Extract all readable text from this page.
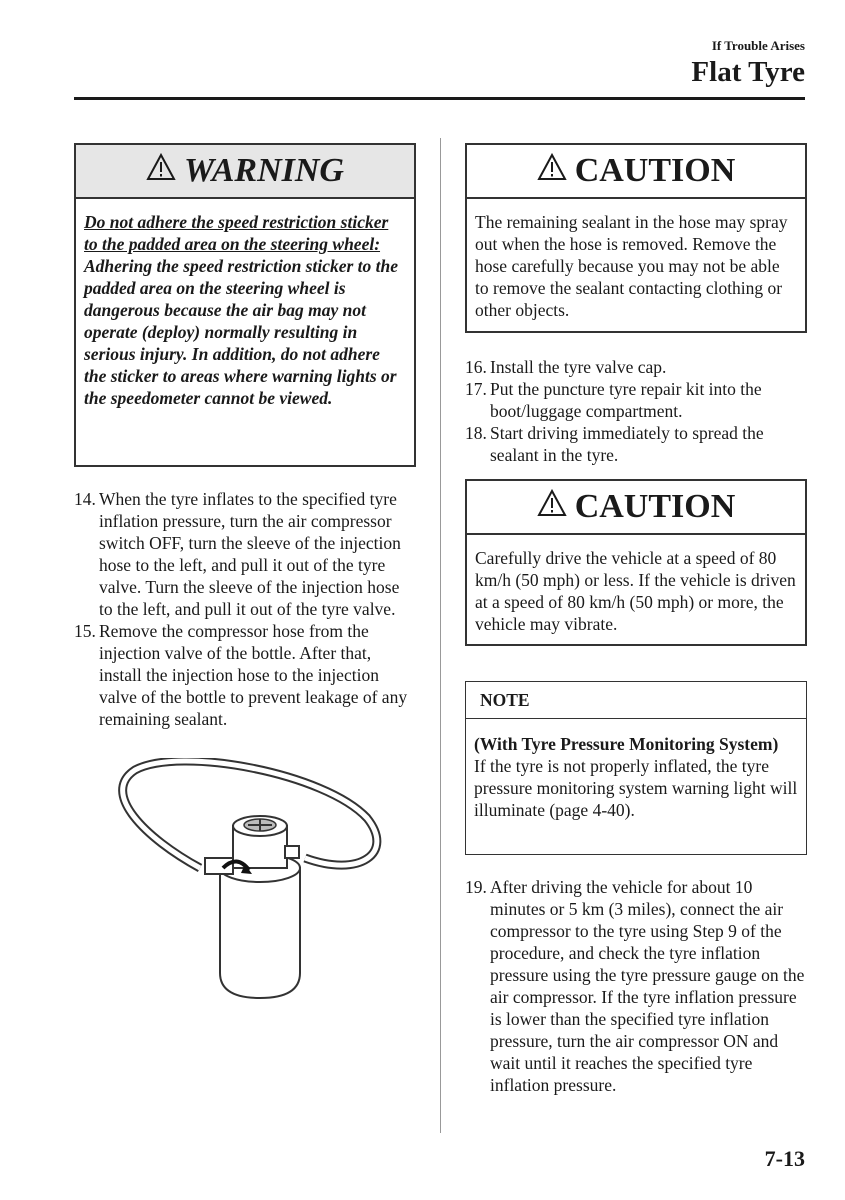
If Trouble Arises
Flat Tyre
WARNING
Do not adhere the speed restriction sticker to the padded area on the steering wheel:
Adhering the speed restriction sticker to the padded area on the steering wheel is dangerous because the air bag may not operate (deploy) normally resulting in serious injury. In addition, do not adhere the sticker to areas where warning lights or the speedometer cannot be viewed.
14. When the tyre inflates to the specified tyre inflation pressure, turn the air compressor switch OFF, turn the sleeve of the injection hose to the left, and pull it out of the tyre valve. Turn the sleeve of the injection hose to the left, and pull it out of the tyre valve.
15. Remove the compressor hose from the injection valve of the bottle. After that, install the injection hose to the injection valve of the bottle to prevent leakage of any remaining sealant.
CAUTION
The remaining sealant in the hose may spray out when the hose is removed. Remove the hose carefully because you may not be able to remove the sealant contacting clothing or other objects.
16. Install the tyre valve cap.
17. Put the puncture tyre repair kit into the boot/luggage compartment.
18. Start driving immediately to spread the sealant in the tyre.
CAUTION
Carefully drive the vehicle at a speed of 80 km/h (50 mph) or less. If the vehicle is driven at a speed of 80 km/h (50 mph) or more, the vehicle may vibrate.
NOTE
(With Tyre Pressure Monitoring System)
If the tyre is not properly inflated, the tyre pressure monitoring system warning light will illuminate (page 4-40).
19. After driving the vehicle for about 10 minutes or 5 km (3 miles), connect the air compressor to the tyre using Step 9 of the procedure, and check the tyre inflation pressure using the tyre pressure gauge on the air compressor. If the tyre inflation pressure is lower than the specified tyre inflation pressure, turn the air compressor ON and wait until it reaches the specified tyre inflation pressure.
7-13
